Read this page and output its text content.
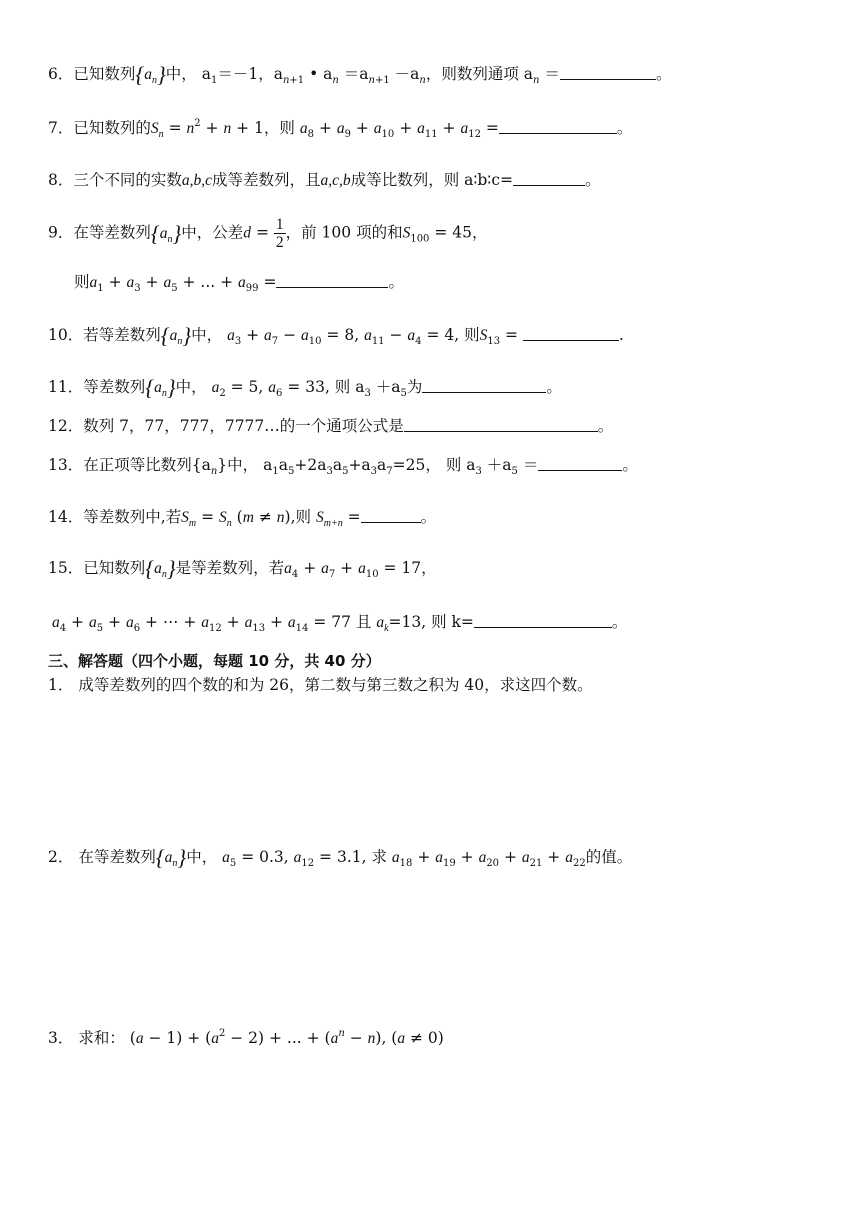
6．已知数列$\{a_n\}$中， $a_1=-1$，$a_{n+1}$ • $a_n =a_{n+1} -a_n$，则数列通项 $a_n$ ＝	。
7．已知数列的$S_n = n^2 + n + 1$，则 $a_8 + a_9 + a_{10} + a_{11} + a_{12}$ =	。
8．三个不同的实数a,b,c成等差数列，且a,c,b成等比数列，则 a∶b∶c=	。
9．在等差数列$\{a_n\}$中，公差$d = \frac{1}{2}$ ，前 100 项的和$S_{100} = 45$，
则$a_1 + a_3 + a_5$ + ... + $a_{99}$ =	。
10．若等差数列$\{a_n\}$中， $a_3 + a_7 - a_{10} = 8$, $a_{11} - a_4 = 4$, 则$S_{13}$ =	.
11．等差数列$\{a_n\}$中， $a_2 = 5$, $a_6 = 33$, 则 $a_3 +a_5$为	。
12．数列 7，77，777，7777…的一个通项公式是	。
13．在正项等比数列$\{a_n\}$中， $a_1a_5+2a_3a_5+a_3a_7=25$， 则 $a_3 +a_5$ ＝	。
14．等差数列中,若$S_m = S_n$ (m ≠ n),则 $S_{m+n}$ =	。
15．已知数列$\{a_n\}$是等差数列，若$a_4 + a_7 + a_{10} = 17$，
$a_4 + a_5 + a_6$ + ⋯ + $a_{12} + a_{13} + a_{14} = 77$ 且 $a_k=13$, 则 k=	。
三、解答题（四个小题，每题 10 分，共 40 分）
1． 成等差数列的四个数的和为 26，第二数与第三数之积为 40，求这四个数。
2． 在等差数列$\{a_n\}$中， $a_5 = 0.3$, $a_{12} = 3.1$, 求 $a_{18} + a_{19} + a_{20} + a_{21} + a_{22}$的值。
3． 求和： $(a - 1) + (a^2 - 2)$ + ... + $(a^n - n)$, (a ≠ 0)
